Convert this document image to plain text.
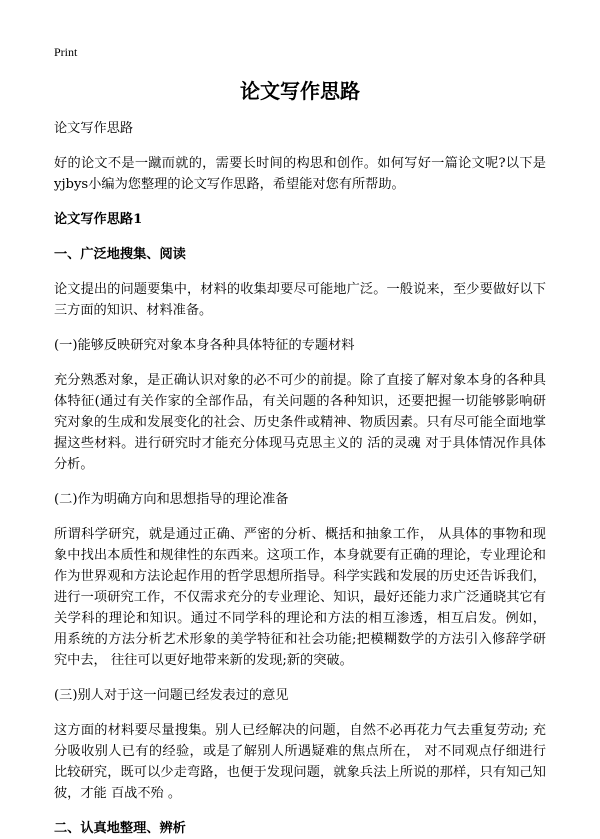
Print
论文写作思路

论文写作思路

好的论文不是一蹴而就的，需要长时间的构思和创作。如何写好一篇论文呢?以下是yjbys小编为您整理的论文写作思路，希望能对您有所帮助。

论文写作思路1

一、广泛地搜集、阅读

论文提出的问题要集中，材料的收集却要尽可能地广泛。一般说来，至少要做好以下三方面的知识、材料准备。

(一)能够反映研究对象本身各种具体特征的专题材料

充分熟悉对象，是正确认识对象的必不可少的前提。除了直接了解对象本身的各种具体特征(通过有关作家的全部作品，有关问题的各种知识，还要把握一切能够影响研究对象的生成和发展变化的社会、历史条件或精神、物质因素。只有尽可能全面地掌握这些材料。进行研究时才能充分体现马克思主义的 活的灵魂 对于具体情况作具体分析。

(二)作为明确方向和思想指导的理论准备

所谓科学研究，就是通过正确、严密的分析、概括和抽象工作， 从具体的事物和现象中找出本质性和规律性的东西来。这项工作，本身就要有正确的理论，专业理论和作为世界观和方法论起作用的哲学思想所指导。科学实践和发展的历史还告诉我们，进行一项研究工作，不仅需求充分的专业理论、知识，最好还能力求广泛通晓其它有关学科的理论和知识。通过不同学科的理论和方法的相互渗透，相互启发。例如， 用系统的方法分析艺术形象的美学特征和社会功能;把模糊数学的方法引入修辞学研究中去， 往往可以更好地带来新的发现;新的突破。

(三)别人对于这一问题已经发表过的意见

这方面的材料要尽量搜集。别人已经解决的问题，自然不必再花力气去重复劳动; 充分吸收别人已有的经验，或是了解别人所遇疑难的焦点所在， 对不同观点仔细进行比较研究，既可以少走弯路，也便于发现问题，就象兵法上所说的那样，只有知己知彼，才能 百战不殆 。

二、认真地整理、辨析
